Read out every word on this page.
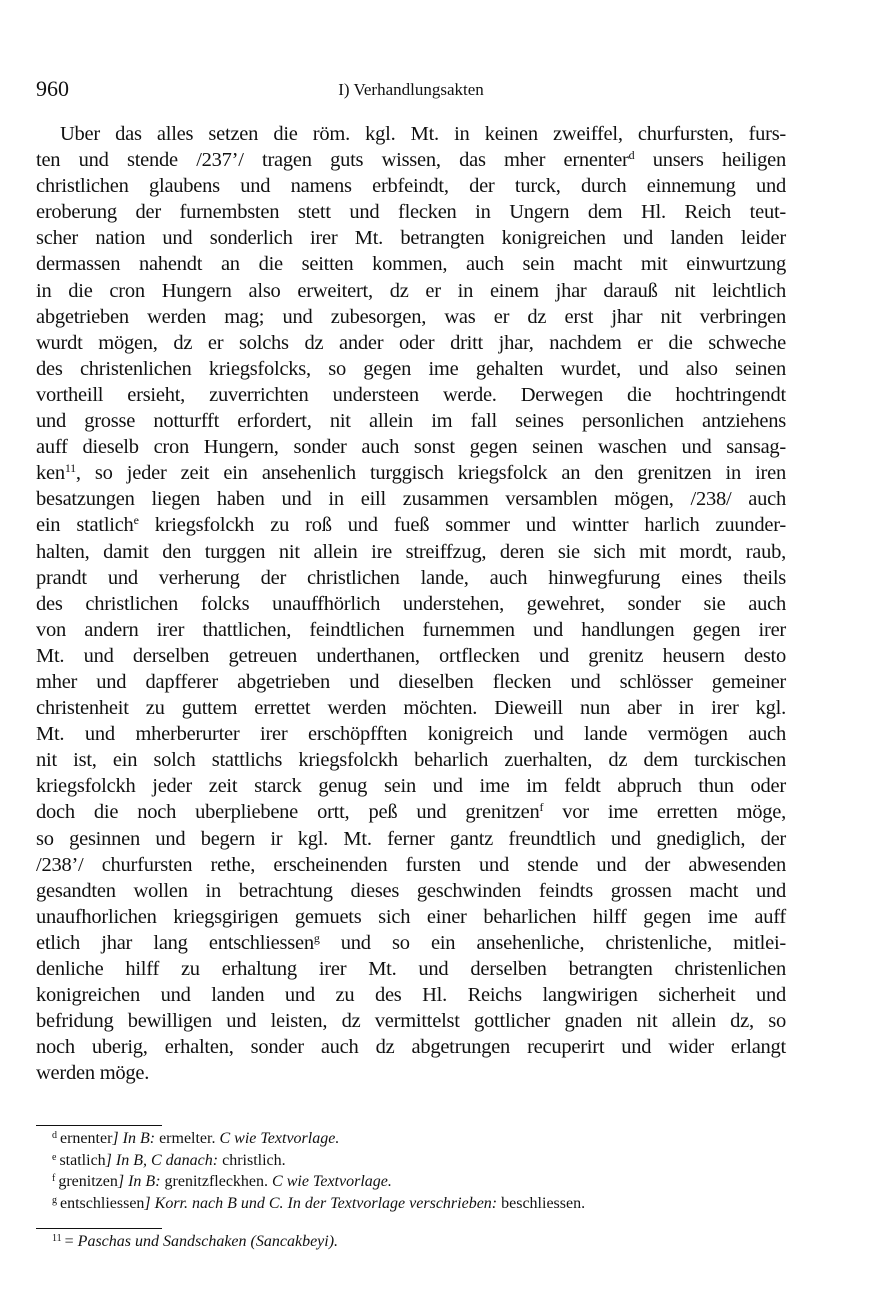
960	I) Verhandlungsakten
Uber das alles setzen die röm. kgl. Mt. in keinen zweiffel, churfursten, furs-
ten und stende /237’/ tragen guts wissen, das mher ernenter$^d$ unsers heiligen
christlichen glaubens und namens erbfeindt, der turck, durch einnemung und
eroberung der furnembsten stett und flecken in Ungern dem Hl. Reich teut-
scher nation und sonderlich irer Mt. betrangten konigreichen und landen leider
dermassen nahendt an die seitten kommen, auch sein macht mit einwurtzung
in die cron Hungern also erweitert, dz er in einem jhar darauß nit leichtlich
abgetrieben werden mag; und zubesorgen, was er dz erst jhar nit verbringen
wurdt mögen, dz er solchs dz ander oder dritt jhar, nachdem er die schweche
des christenlichen kriegsfolcks, so gegen ime gehalten wurdet, und also seinen
vortheill ersieht, zuverrichten understeen werde. Derwegen die hochtringendt
und grosse notturfft erfordert, nit allein im fall seines personlichen antziehens
auff dieselb cron Hungern, sonder auch sonst gegen seinen waschen und sansag-
ken$^{11}$, so jeder zeit ein ansehenlich turggisch kriegsfolck an den grenitzen in iren
besatzungen liegen haben und in eill zusammen versamblen mögen, /238/ auch
ein statlich$^e$ kriegsfolckh zu roß und fueß sommer und wintter harlich zuunder-
halten, damit den turggen nit allein ire streiffzug, deren sie sich mit mordt, raub,
prandt und verherung der christlichen lande, auch hinwegfurung eines theils
des christlichen folcks unauffhörlich understehen, gewehret, sonder sie auch
von andern irer thattlichen, feindtlichen furnemmen und handlungen gegen irer
Mt. und derselben getreuen underthanen, ortflecken und grenitz heusern desto
mher und dapfferer abgetrieben und dieselben flecken und schlösser gemeiner
christenheit zu guttem errettet werden möchten. Dieweill nun aber in irer kgl.
Mt. und mherberurter irer erschöpfften konigreich und lande vermögen auch
nit ist, ein solch stattlichs kriegsfolckh beharlich zuerhalten, dz dem turckischen
kriegsfolckh jeder zeit starck genug sein und ime im feldt abpruch thun oder
doch die noch uberpliebene ortt, peß und grenitzen$^f$ vor ime erretten möge,
so gesinnen und begern ir kgl. Mt. ferner gantz freundtlich und gnediglich, der
/238’/ churfursten rethe, erscheinenden fursten und stende und der abwesenden
gesandten wollen in betrachtung dieses geschwinden feindts grossen macht und
unaufhorlichen kriegsgirigen gemuets sich einer beharlichen hilff gegen ime auff
etlich jhar lang entschliessen$^g$ und so ein ansehenliche, christenliche, mitlei-
denliche hilff zu erhaltung irer Mt. und derselben betrangten christenlichen
konigreichen und landen und zu des Hl. Reichs langwirigen sicherheit und
befridung bewilligen und leisten, dz vermittelst gottlicher gnaden nit allein dz, so
noch uberig, erhalten, sonder auch dz abgetrungen recuperirt und wider erlangt
werden möge.
$^d$ ernenter] In B: ermelter. C wie Textvorlage.
$^e$ statlich] In B, C danach: christlich.
$^f$ grenitzen] In B: grenitzfleckhen. C wie Textvorlage.
$^g$ entschliessen] Korr. nach B und C. In der Textvorlage verschrieben: beschliessen.
$^{11}$ = Paschas und Sandschaken (Sancakbeyi).
